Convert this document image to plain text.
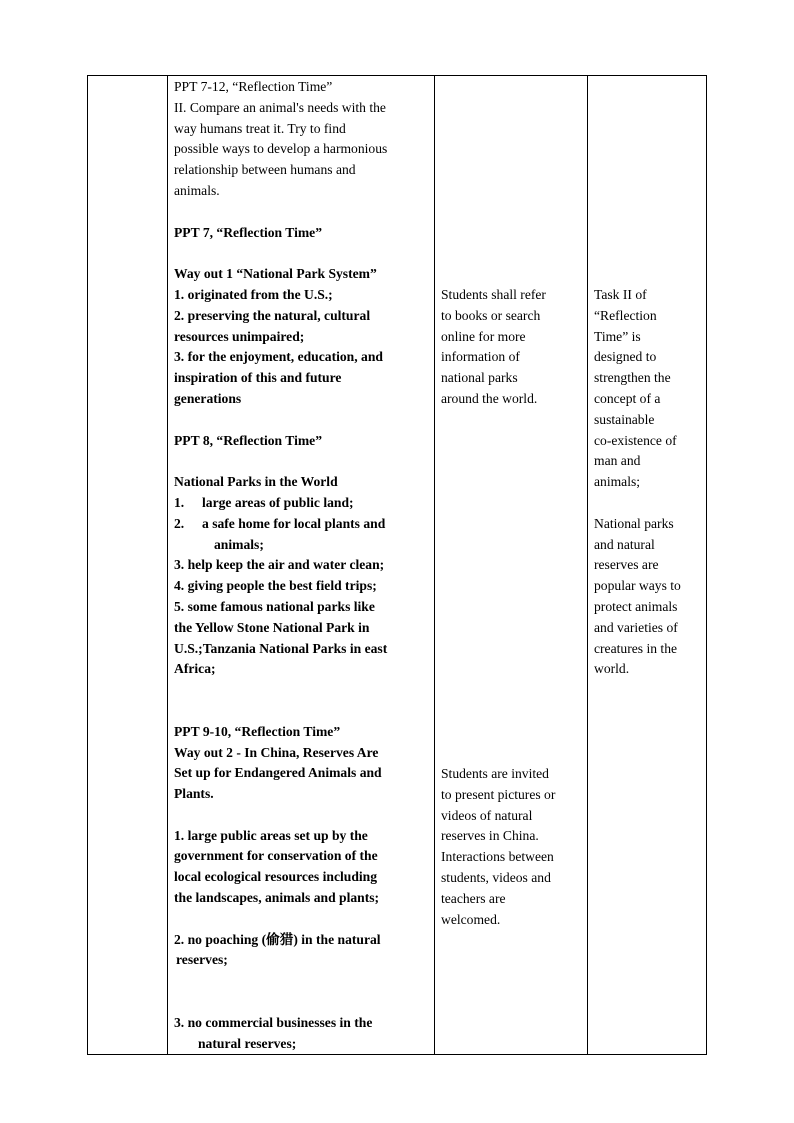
PPT 7-12, “Reflection Time”

II. Compare an animal's needs with the

way humans treat it. Try to find

possible ways to develop a harmonious

relationship between humans and

animals.

PPT 7, “Reflection Time”

Way out 1 “National Park System”

1. originated from the U.S.;

2. preserving the natural, cultural

resources unimpaired;

3. for the enjoyment, education, and

inspiration of this and future

generations

PPT 8, “Reflection Time”

National Parks in the World

1.	large areas of public land;
2.	a safe home for local plants and

animals;

3. help keep the air and water clean;

4. giving people the best field trips;

5. some famous national parks like

the Yellow Stone National Park in

U.S.;Tanzania National Parks in east

Africa;

PPT 9-10, “Reflection Time”

Way out 2 - In China, Reserves Are

Set up for Endangered Animals and

Plants.

1. large public areas set up by the

government for conservation of the

local ecological resources including

the landscapes, animals and plants;

2. no poaching (偷猎) in the natural

reserves;

3. no commercial businesses in the

natural reserves;

Students shall refer

to books or search

online for more

information of

national parks

around the world.

Students are invited

to present pictures or

videos of natural

reserves in China.

Interactions between

students, videos and

teachers are

welcomed.

Task II of

“Reflection

Time” is

designed to

strengthen the

concept of a

sustainable

co-existence of

man and

animals;

National parks

and natural

reserves are

popular ways to

protect animals

and varieties of

creatures in the

world.
